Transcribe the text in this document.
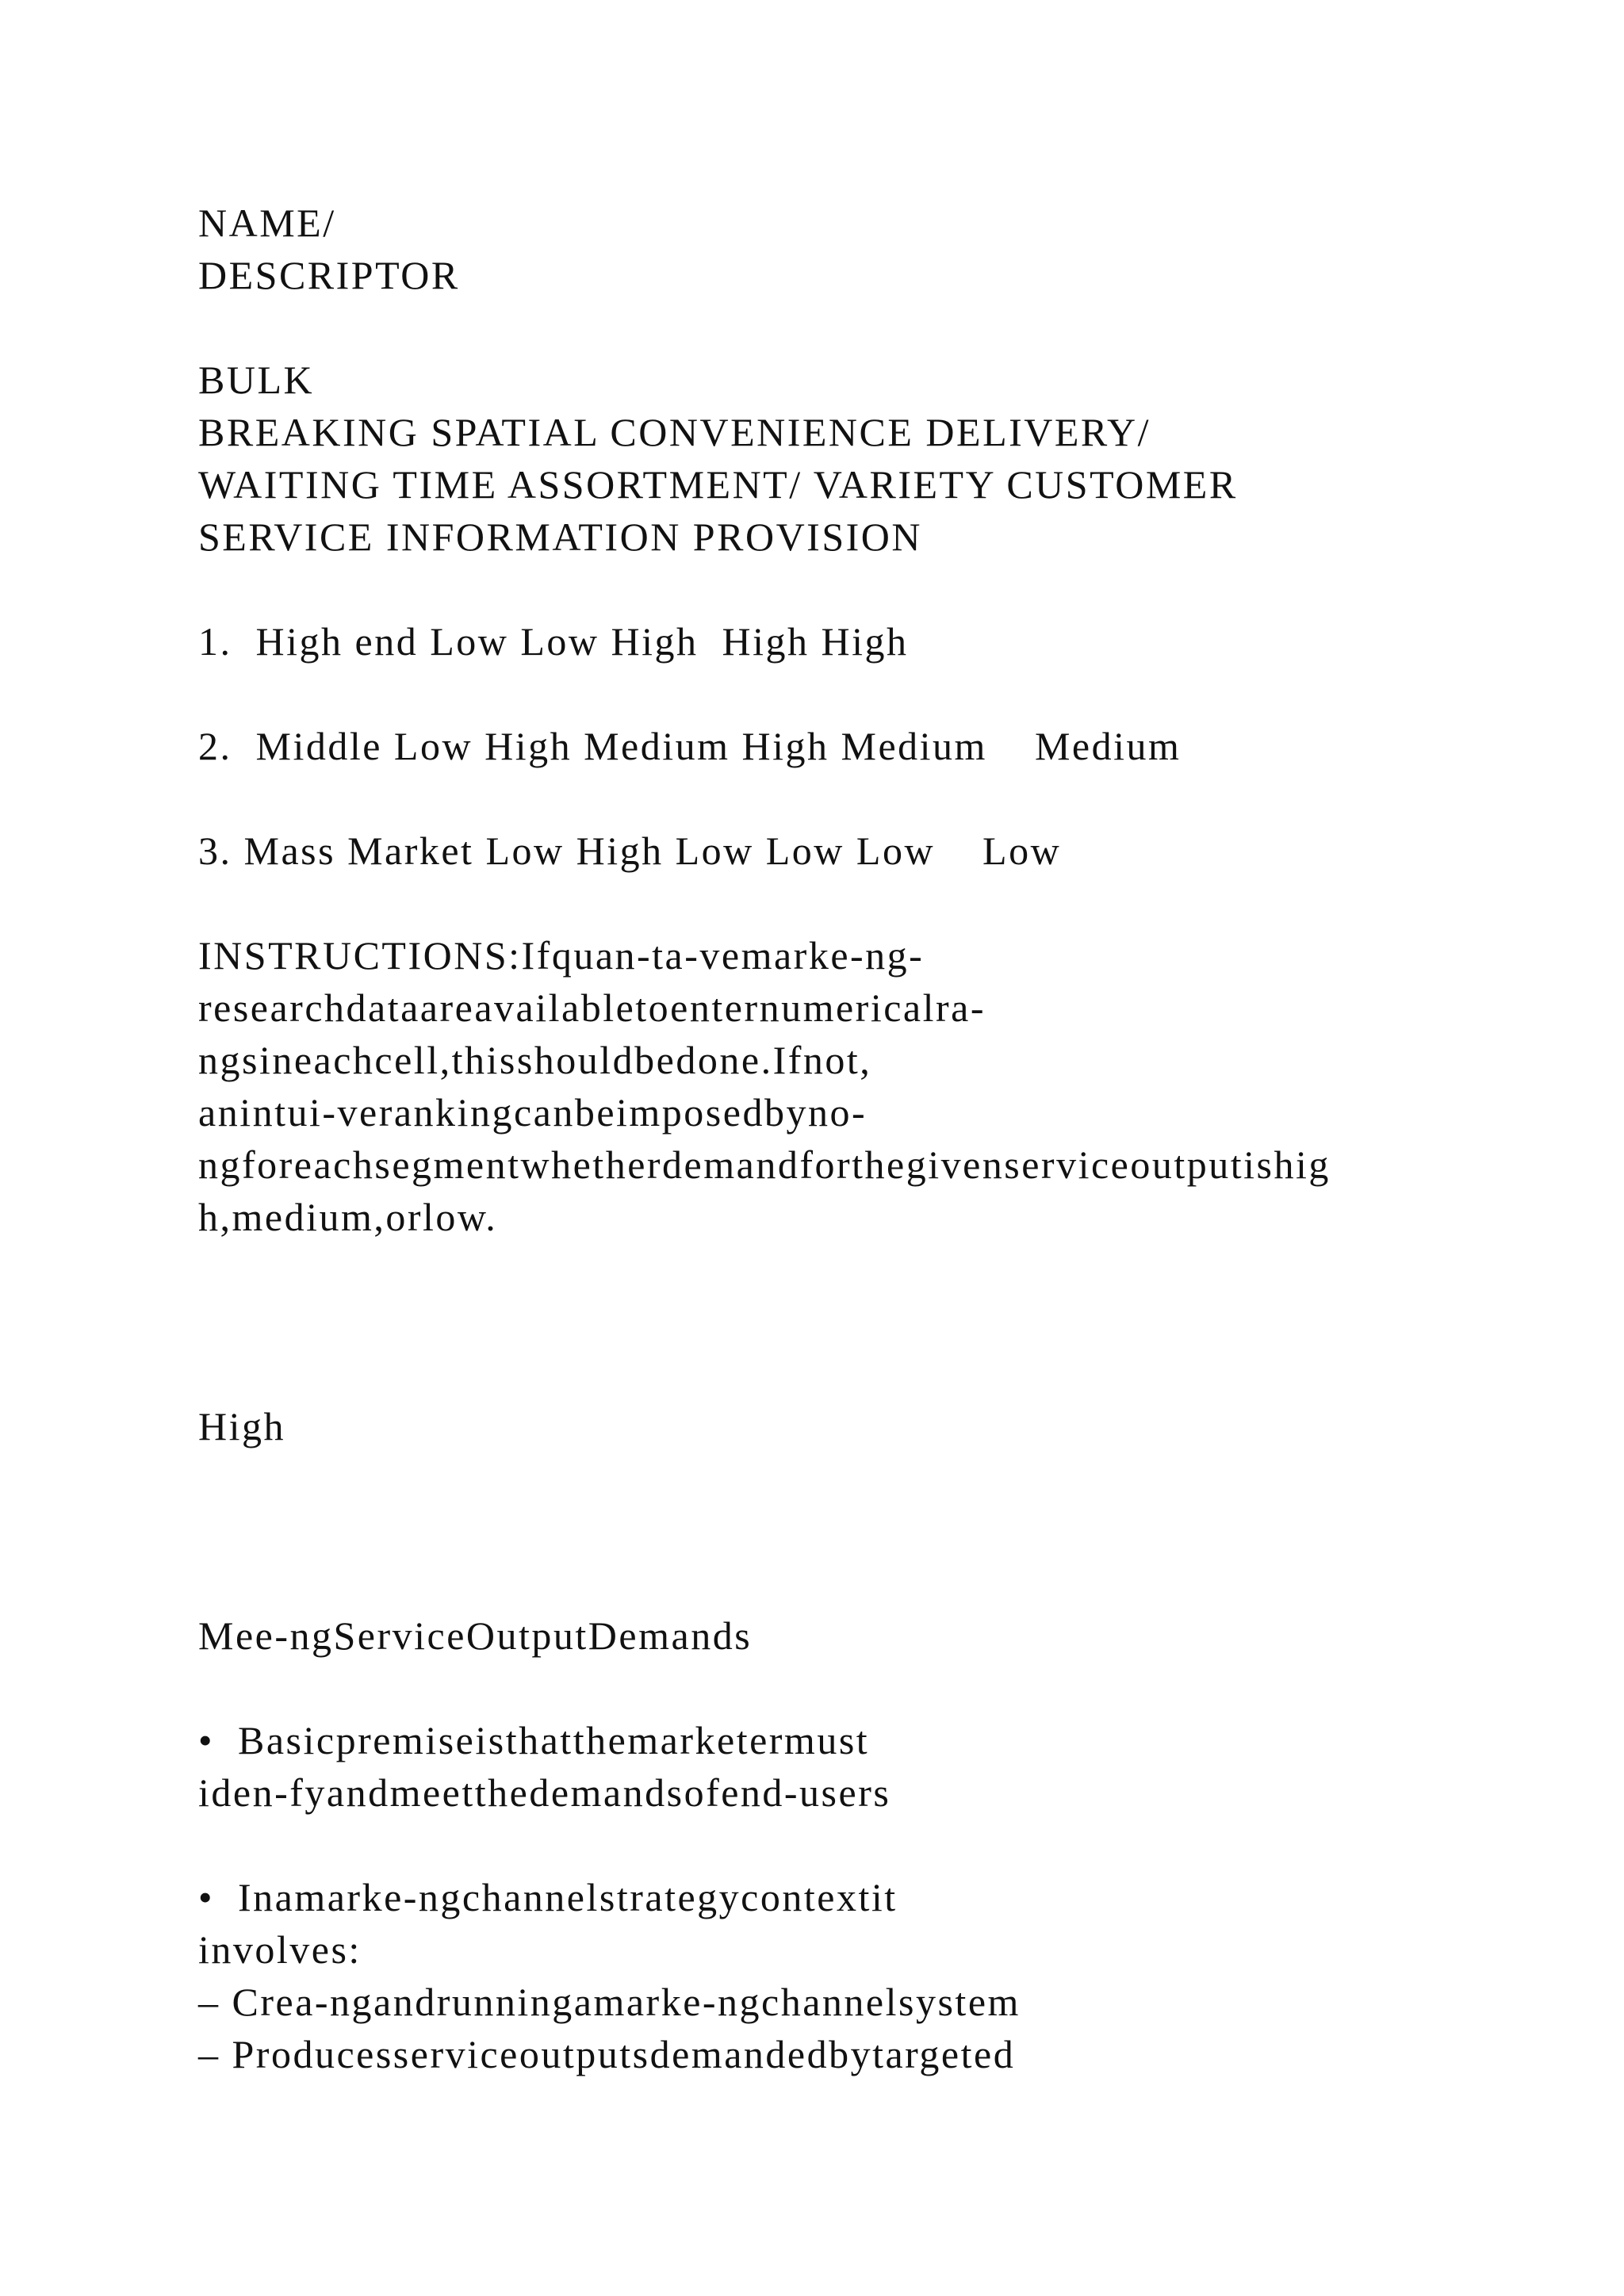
NAME/

DESCRIPTOR

BULK

BREAKING SPATIAL CONVENIENCE DELIVERY/

WAITING TIME ASSORTMENT/ VARIETY CUSTOMER

SERVICE INFORMATION PROVISION

1.  High end Low Low High  High High

2.  Middle Low High Medium High Medium    Medium

3. Mass Market Low High Low Low Low    Low

INSTRUCTIONS:Ifquan-ta-vemarke-ng-

researchdataareavailabletoenternumericalra-

ngsineachcell,thisshouldbedone.Ifnot,

anintui-verankingcanbeimposedbyno-

ngforeachsegmentwhetherdemandforthegivenserviceoutputishig

h,medium,orlow.

High

Mee-ngServiceOutputDemands

•  Basicpremiseisthatthemarketermust

iden-fyandmeetthedemandsofend-users

•  Inamarke-ngchannelstrategycontextit

involves:

– Crea-ngandrunningamarke-ngchannelsystem

– Producesserviceoutputsdemandedbytargeted
